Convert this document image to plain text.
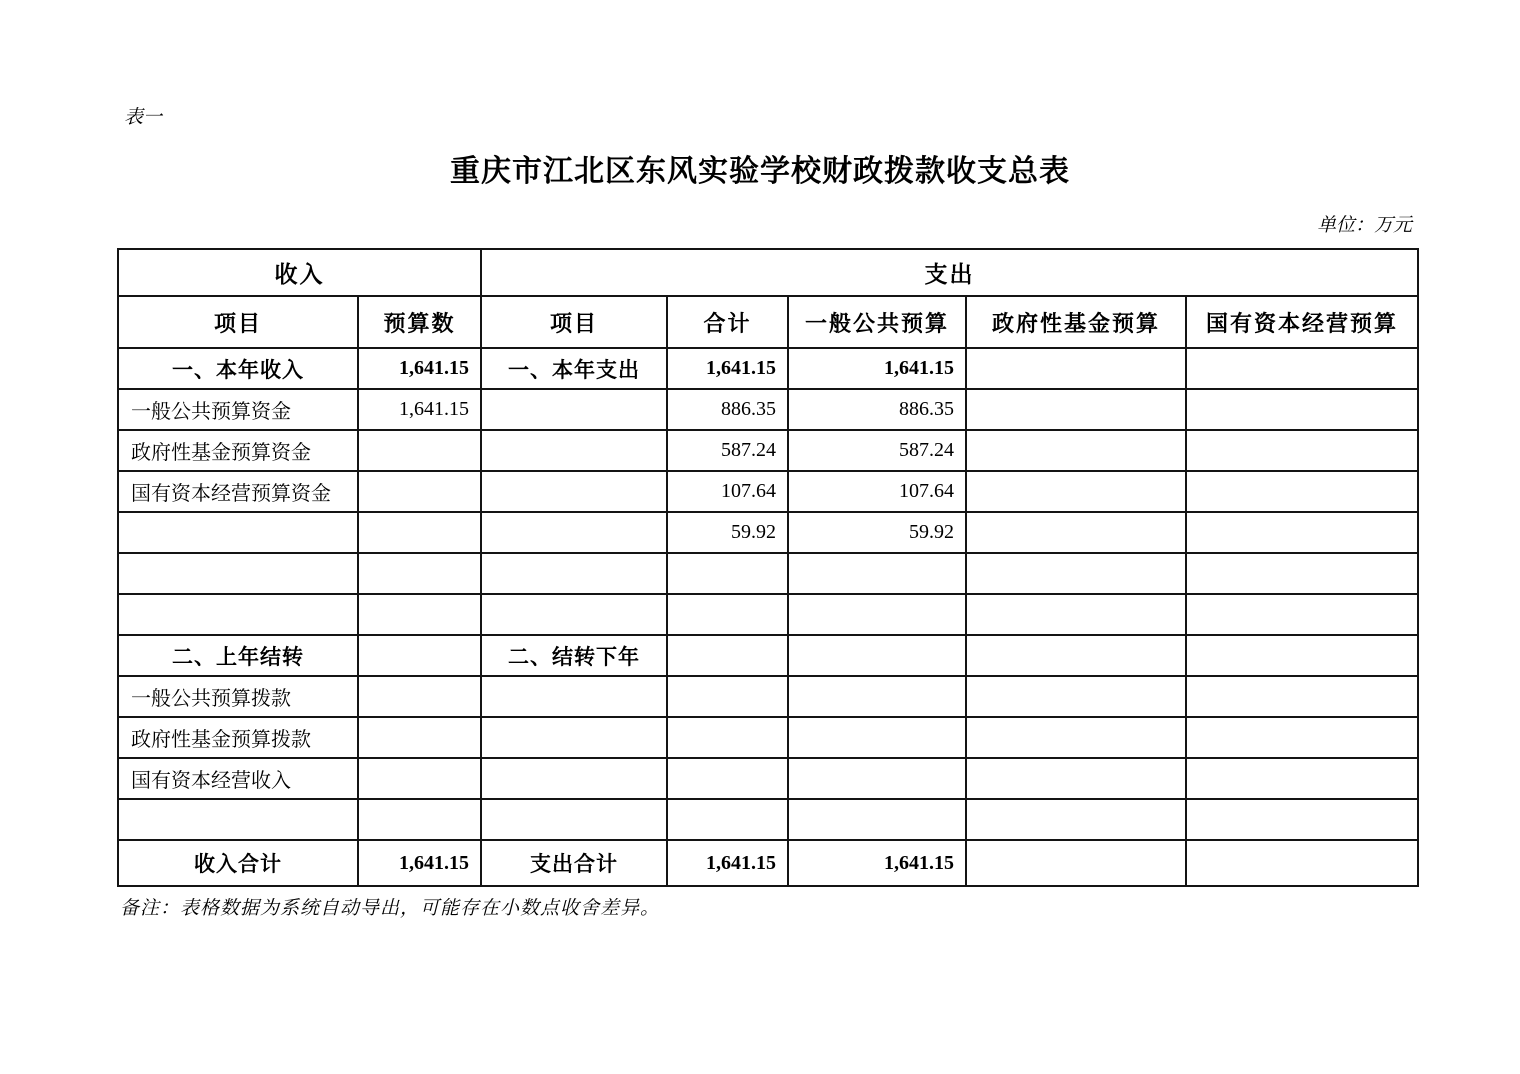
表一
重庆市江北区东风实验学校财政拨款收支总表
单位：万元
收入		支出				
项目	预算数	项目	合计	一般公共预算	政府性基金预算	国有资本经营预算
一、本年收入	1,641.15	一、本年支出	1,641.15	1,641.15		
一般公共预算资金	1,641.15		886.35	886.35		
政府性基金预算资金			587.24	587.24		
国有资本经营预算资金			107.64	107.64		
			59.92	59.92		

二、上年结转		二、结转下年				
一般公共预算拨款						
政府性基金预算拨款						
国有资本经营收入						

收入合计	1,641.15	支出合计	1,641.15	1,641.15		
备注：表格数据为系统自动导出，可能存在小数点收舍差异。
